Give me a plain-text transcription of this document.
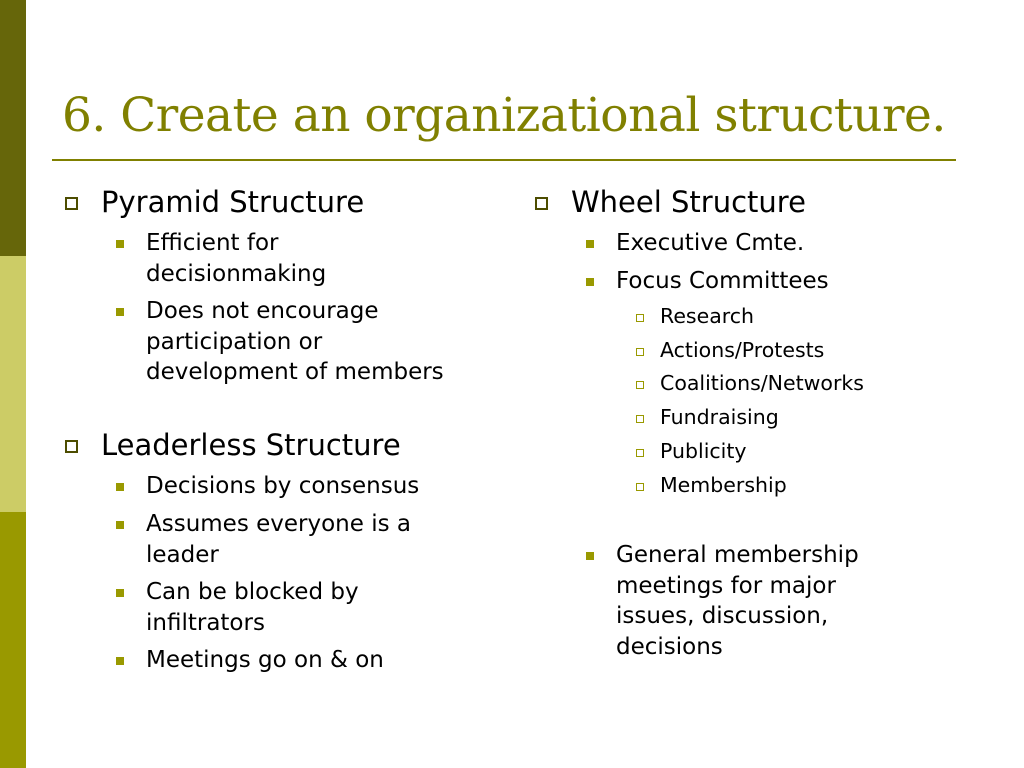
6. Create an organizational structure.
Pyramid Structure
Efficient for decisionmaking
Does not encourage participation or development of members
Leaderless Structure
Decisions by consensus
Assumes everyone is a leader
Can be blocked by infiltrators
Meetings go on & on
Wheel Structure
Executive Cmte.
Focus Committees
Research
Actions/Protests
Coalitions/Networks
Fundraising
Publicity
Membership
General membership meetings for major issues, discussion, decisions
